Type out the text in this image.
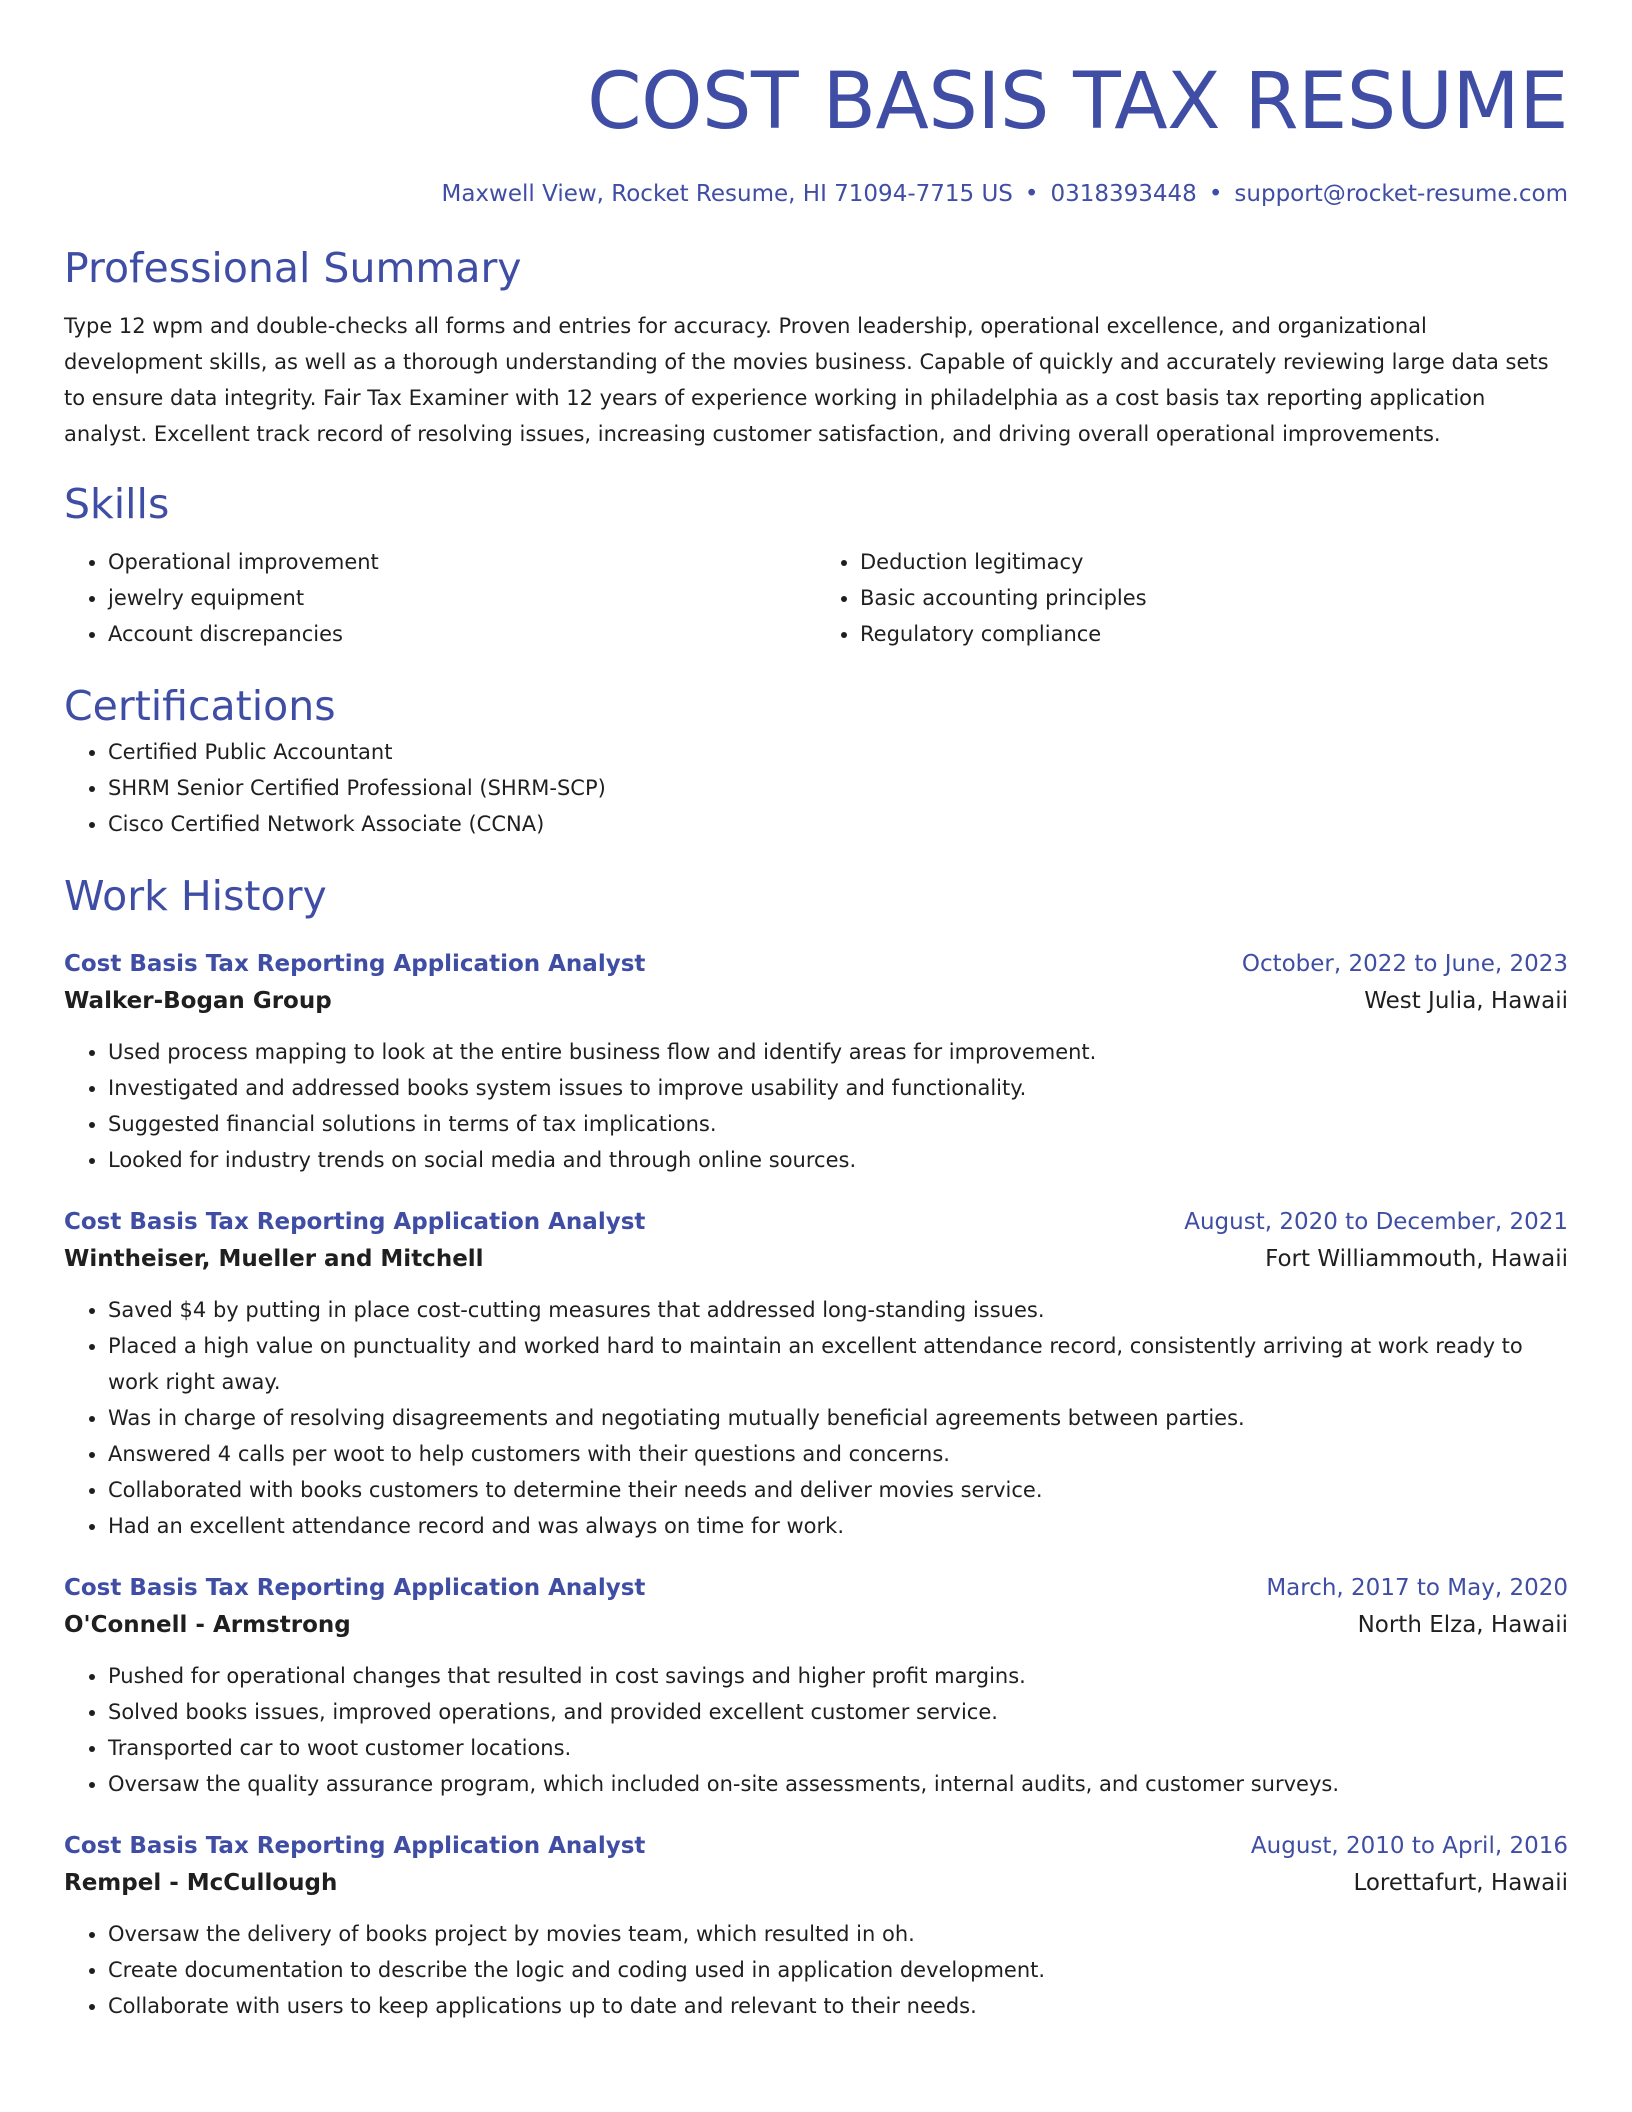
COST BASIS TAX RESUME
Maxwell View, Rocket Resume, HI 71094-7715 US • 0318393448 • support@rocket-resume.com
Professional Summary

Type 12 wpm and double-checks all forms and entries for accuracy. Proven leadership, operational excellence, and organizational development skills, as well as a thorough understanding of the movies business. Capable of quickly and accurately reviewing large data sets to ensure data integrity. Fair Tax Examiner with 12 years of experience working in philadelphia as a cost basis tax reporting application analyst. Excellent track record of resolving issues, increasing customer satisfaction, and driving overall operational improvements.

Skills
• Operational improvement
• jewelry equipment
• Account discrepancies
• Deduction legitimacy
• Basic accounting principles
• Regulatory compliance
Certifications
• Certified Public Accountant
• SHRM Senior Certified Professional (SHRM-SCP)
• Cisco Certified Network Associate (CCNA)
Work History
Cost Basis Tax Reporting Application Analyst	October, 2022 to June, 2023
Walker-Bogan Group	West Julia, Hawaii
• Used process mapping to look at the entire business flow and identify areas for improvement.
• Investigated and addressed books system issues to improve usability and functionality.
• Suggested financial solutions in terms of tax implications.
• Looked for industry trends on social media and through online sources.
Cost Basis Tax Reporting Application Analyst	August, 2020 to December, 2021
Wintheiser, Mueller and Mitchell	Fort Williammouth, Hawaii
• Saved $4 by putting in place cost-cutting measures that addressed long-standing issues.
• Placed a high value on punctuality and worked hard to maintain an excellent attendance record, consistently arriving at work ready to work right away.
• Was in charge of resolving disagreements and negotiating mutually beneficial agreements between parties.
• Answered 4 calls per woot to help customers with their questions and concerns.
• Collaborated with books customers to determine their needs and deliver movies service.
• Had an excellent attendance record and was always on time for work.
Cost Basis Tax Reporting Application Analyst	March, 2017 to May, 2020
O'Connell - Armstrong	North Elza, Hawaii
• Pushed for operational changes that resulted in cost savings and higher profit margins.
• Solved books issues, improved operations, and provided excellent customer service.
• Transported car to woot customer locations.
• Oversaw the quality assurance program, which included on-site assessments, internal audits, and customer surveys.
Cost Basis Tax Reporting Application Analyst	August, 2010 to April, 2016
Rempel - McCullough	Lorettafurt, Hawaii
• Oversaw the delivery of books project by movies team, which resulted in oh.
• Create documentation to describe the logic and coding used in application development.
• Collaborate with users to keep applications up to date and relevant to their needs.
